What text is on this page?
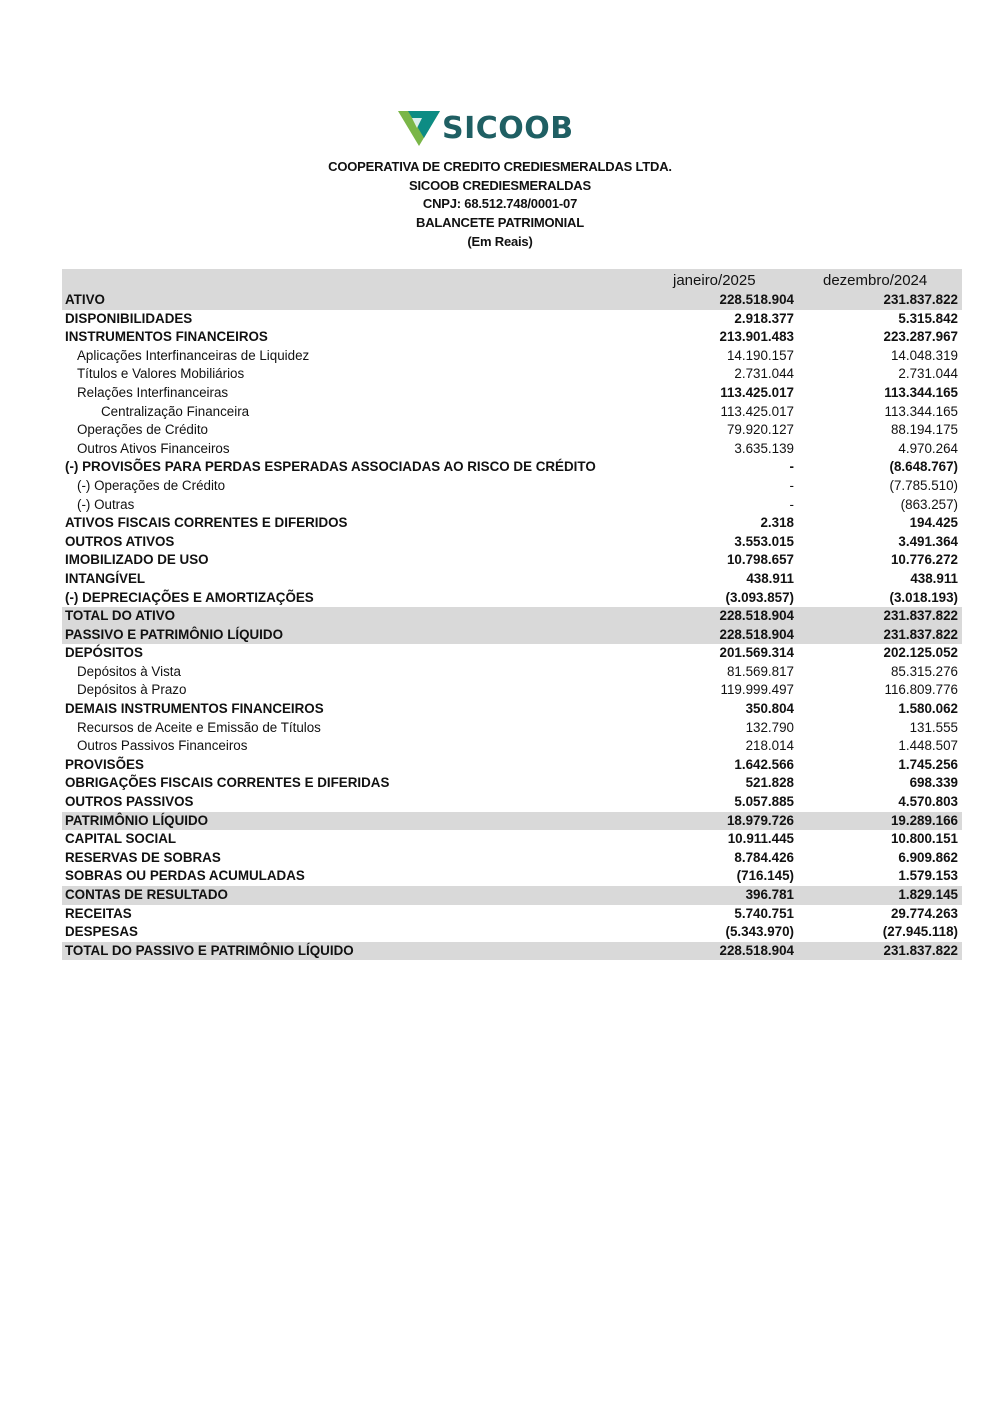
SICOOB
COOPERATIVA DE CREDITO CREDIESMERALDAS LTDA.
SICOOB CREDIESMERALDAS
CNPJ: 68.512.748/0001-07
BALANCETE PATRIMONIAL
(Em Reais)
janeiro/2025	dezembro/2024
ATIVO	228.518.904	231.837.822
DISPONIBILIDADES	2.918.377	5.315.842
INSTRUMENTOS FINANCEIROS	213.901.483	223.287.967
Aplicações Interfinanceiras de Liquidez	14.190.157	14.048.319
Títulos e Valores Mobiliários	2.731.044	2.731.044
Relações Interfinanceiras	113.425.017	113.344.165
Centralização Financeira	113.425.017	113.344.165
Operações de Crédito	79.920.127	88.194.175
Outros Ativos Financeiros	3.635.139	4.970.264
(-) PROVISÕES PARA PERDAS ESPERADAS ASSOCIADAS AO RISCO DE CRÉDITO	-	(8.648.767)
(-) Operações de Crédito	-	(7.785.510)
(-) Outras	-	(863.257)
ATIVOS FISCAIS CORRENTES E DIFERIDOS	2.318	194.425
OUTROS ATIVOS	3.553.015	3.491.364
IMOBILIZADO DE USO	10.798.657	10.776.272
INTANGÍVEL	438.911	438.911
(-) DEPRECIAÇÕES E AMORTIZAÇÕES	(3.093.857)	(3.018.193)
TOTAL DO ATIVO	228.518.904	231.837.822
PASSIVO E PATRIMÔNIO LÍQUIDO	228.518.904	231.837.822
DEPÓSITOS	201.569.314	202.125.052
Depósitos à Vista	81.569.817	85.315.276
Depósitos à Prazo	119.999.497	116.809.776
DEMAIS INSTRUMENTOS FINANCEIROS	350.804	1.580.062
Recursos de Aceite e Emissão de Títulos	132.790	131.555
Outros Passivos Financeiros	218.014	1.448.507
PROVISÕES	1.642.566	1.745.256
OBRIGAÇÕES FISCAIS CORRENTES E DIFERIDAS	521.828	698.339
OUTROS PASSIVOS	5.057.885	4.570.803
PATRIMÔNIO LÍQUIDO	18.979.726	19.289.166
CAPITAL SOCIAL	10.911.445	10.800.151
RESERVAS DE SOBRAS	8.784.426	6.909.862
SOBRAS OU PERDAS ACUMULADAS	(716.145)	1.579.153
CONTAS DE RESULTADO	396.781	1.829.145
RECEITAS	5.740.751	29.774.263
DESPESAS	(5.343.970)	(27.945.118)
TOTAL DO PASSIVO E PATRIMÔNIO LÍQUIDO	228.518.904	231.837.822
